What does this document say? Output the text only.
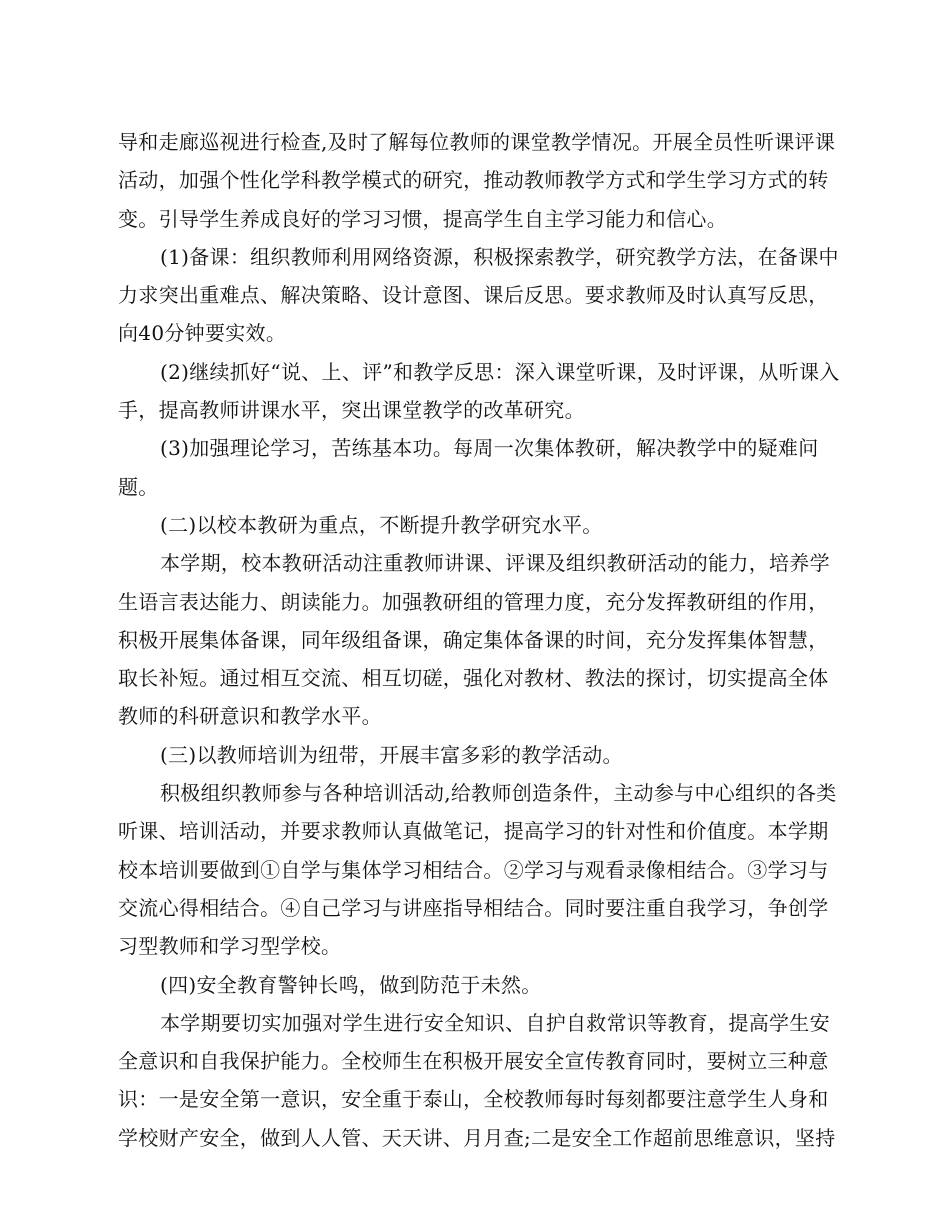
导和走廊巡视进行检查,及时了解每位教师的课堂教学情况。开展全员性听课评课
活动，加强个性化学科教学模式的研究，推动教师教学方式和学生学习方式的转
变。引导学生养成良好的学习习惯，提高学生自主学习能力和信心。
(1)备课：组织教师利用网络资源，积极探索教学，研究教学方法，在备课中
力求突出重难点、解决策略、设计意图、课后反思。要求教师及时认真写反思，
向40分钟要实效。
(2)继续抓好“说、上、评”和教学反思：深入课堂听课，及时评课，从听课入
手，提高教师讲课水平，突出课堂教学的改革研究。
(3)加强理论学习，苦练基本功。每周一次集体教研，解决教学中的疑难问
题。
(二)以校本教研为重点，不断提升教学研究水平。
本学期，校本教研活动注重教师讲课、评课及组织教研活动的能力，培养学
生语言表达能力、朗读能力。加强教研组的管理力度，充分发挥教研组的作用，
积极开展集体备课，同年级组备课，确定集体备课的时间，充分发挥集体智慧，
取长补短。通过相互交流、相互切磋，强化对教材、教法的探讨，切实提高全体
教师的科研意识和教学水平。
(三)以教师培训为纽带，开展丰富多彩的教学活动。
积极组织教师参与各种培训活动,给教师创造条件，主动参与中心组织的各类
听课、培训活动，并要求教师认真做笔记，提高学习的针对性和价值度。本学期
校本培训要做到①自学与集体学习相结合。②学习与观看录像相结合。③学习与
交流心得相结合。④自己学习与讲座指导相结合。同时要注重自我学习，争创学
习型教师和学习型学校。
(四)安全教育警钟长鸣，做到防范于未然。
本学期要切实加强对学生进行安全知识、自护自救常识等教育，提高学生安
全意识和自我保护能力。全校师生在积极开展安全宣传教育同时，要树立三种意
识：一是安全第一意识，安全重于泰山，全校教师每时每刻都要注意学生人身和
学校财产安全，做到人人管、天天讲、月月查;二是安全工作超前思维意识，坚持
